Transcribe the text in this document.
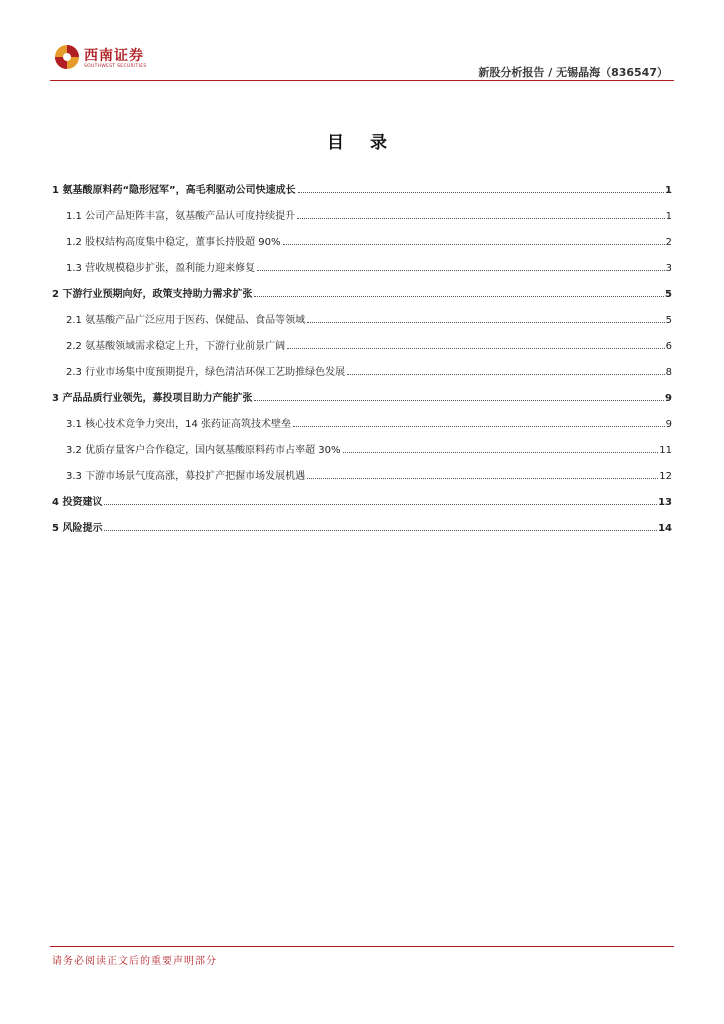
西南证券
SOUTHWEST SECURITIES	新股分析报告 / 无锡晶海（836547）
目 录
1 氨基酸原料药“隐形冠军”，高毛利驱动公司快速成长	1
1.1 公司产品矩阵丰富，氨基酸产品认可度持续提升	1
1.2 股权结构高度集中稳定，董事长持股超 90%	2
1.3 营收规模稳步扩张，盈利能力迎来修复	3
2 下游行业预期向好，政策支持助力需求扩张	5
2.1 氨基酸产品广泛应用于医药、保健品、食品等领域	5
2.2 氨基酸领域需求稳定上升，下游行业前景广阔	6
2.3 行业市场集中度预期提升，绿色清洁环保工艺助推绿色发展	8
3 产品品质行业领先，募投项目助力产能扩张	9
3.1 核心技术竞争力突出，14 张药证高筑技术壁垒	9
3.2 优质存量客户合作稳定，国内氨基酸原料药市占率超 30%	11
3.3 下游市场景气度高涨，募投扩产把握市场发展机遇	12
4 投资建议	13
5 风险提示	14
请务必阅读正文后的重要声明部分
